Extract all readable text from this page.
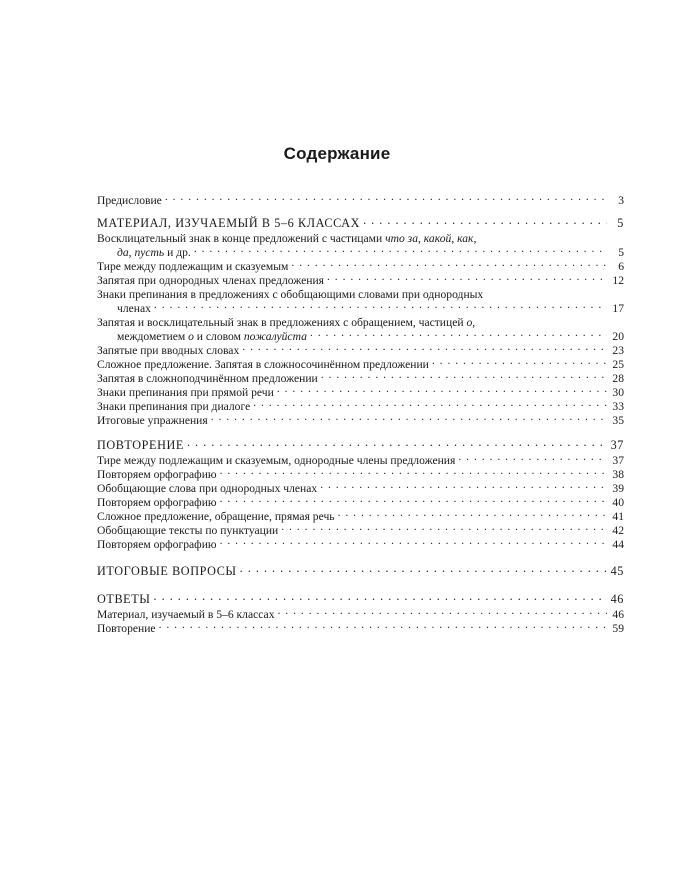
Содержание
Предисловие . . .	3
МАТЕРИАЛ, ИЗУЧАЕМЫЙ В 5–6 КЛАССАХ . . .	5
Восклицательный знак в конце предложений с частицами что за, какой, как,
да, пусть и др. . . .	5
Тире между подлежащим и сказуемым . . .	6
Запятая при однородных членах предложения . . .	12
Знаки препинания в предложениях с обобщающими словами при однородных
членах . . .	17
Запятая и восклицательный знак в предложениях с обращением, частицей о,
междометием о и словом пожалуйста . . .	20
Запятые при вводных словах . . .	23
Сложное предложение. Запятая в сложносочинённом предложении . . .	25
Запятая в сложноподчинённом предложении . . .	28
Знаки препинания при прямой речи . . .	30
Знаки препинания при диалоге . . .	33
Итоговые упражнения . . .	35
ПОВТОРЕНИЕ . . .	37
Тире между подлежащим и сказуемым, однородные члены предложения . . .	37
Повторяем орфографию . . .	38
Обобщающие слова при однородных членах . . .	39
Повторяем орфографию . . .	40
Сложное предложение, обращение, прямая речь . . .	41
Обобщающие тексты по пунктуации . . .	42
Повторяем орфографию . . .	44
ИТОГОВЫЕ ВОПРОСЫ . . .	45
ОТВЕТЫ . . .	46
Материал, изучаемый в 5–6 классах . . .	46
Повторение . . .	59
